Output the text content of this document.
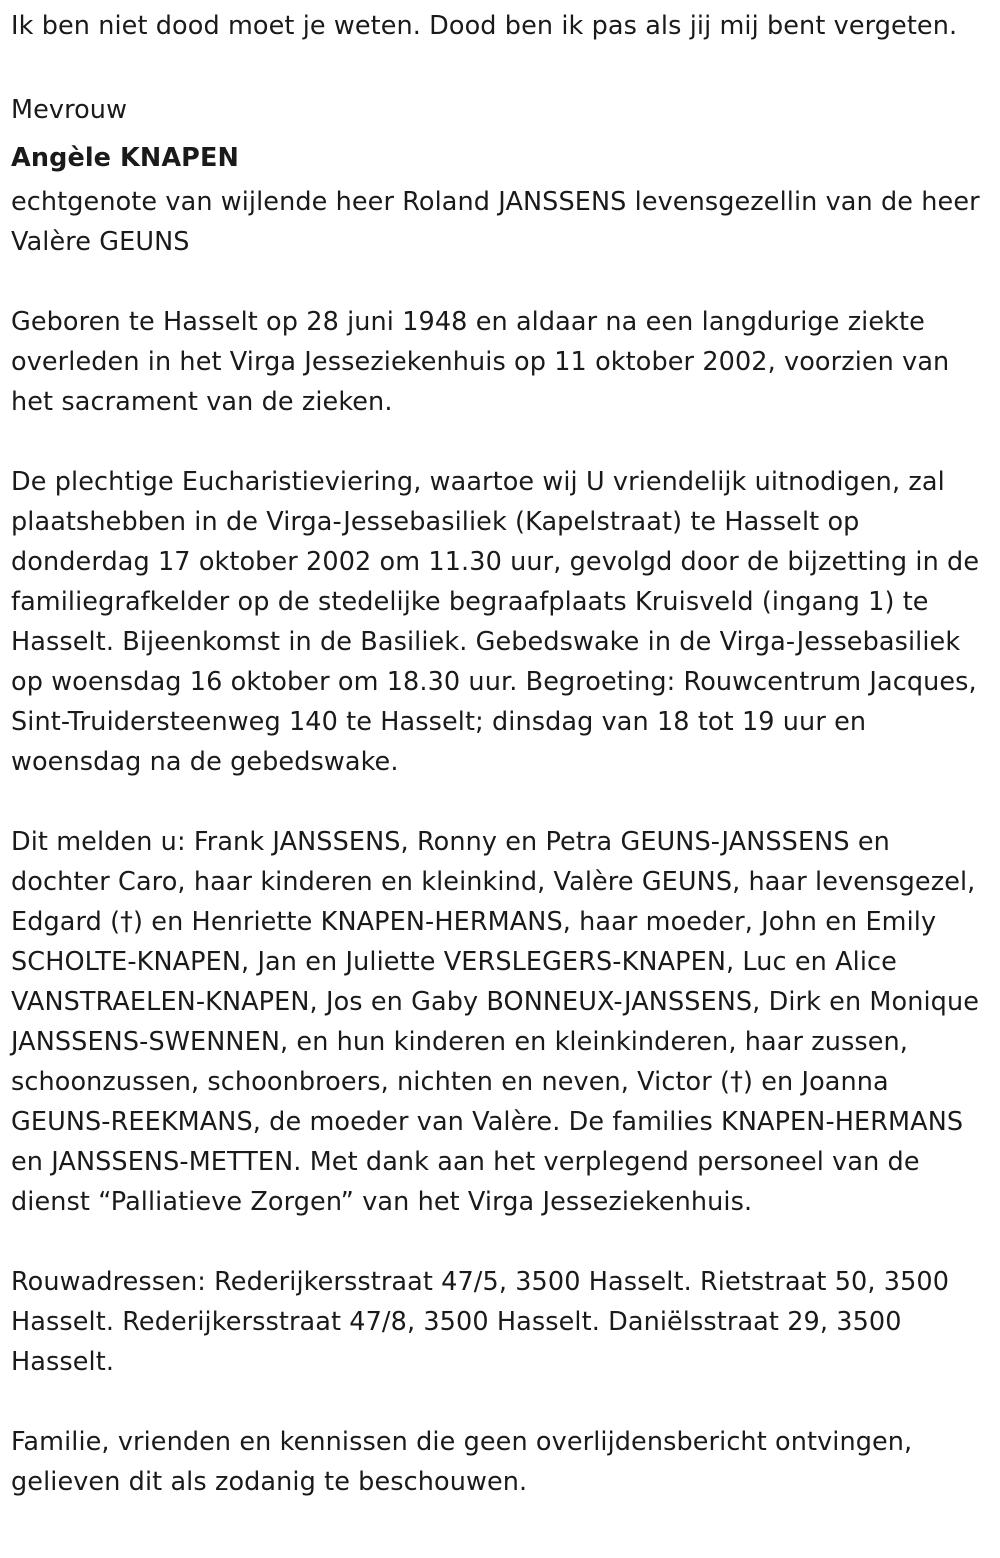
Ik ben niet dood moet je weten. Dood ben ik pas als jij mij bent vergeten.

Mevrouw

Angèle KNAPEN

echtgenote van wijlende heer Roland JANSSENS levensgezellin van de heer Valère GEUNS

Geboren te Hasselt op 28 juni 1948 en aldaar na een langdurige ziekte overleden in het Virga Jesseziekenhuis op 11 oktober 2002, voorzien van het sacrament van de zieken.

De plechtige Eucharistieviering, waartoe wij U vriendelijk uitnodigen, zal plaatshebben in de Virga-Jessebasiliek (Kapelstraat) te Hasselt op donderdag 17 oktober 2002 om 11.30 uur, gevolgd door de bijzetting in de familiegrafkelder op de stedelijke begraafplaats Kruisveld (ingang 1) te Hasselt. Bijeenkomst in de Basiliek. Gebedswake in de Virga-Jessebasiliek op woensdag 16 oktober om 18.30 uur. Begroeting: Rouwcentrum Jacques, Sint-Truidersteenweg 140 te Hasselt; dinsdag van 18 tot 19 uur en woensdag na de gebedswake.

Dit melden u: Frank JANSSENS, Ronny en Petra GEUNS-JANSSENS en dochter Caro, haar kinderen en kleinkind, Valère GEUNS, haar levensgezel, Edgard (†) en Henriette KNAPEN-HERMANS, haar moeder, John en Emily SCHOLTE-KNAPEN, Jan en Juliette VERSLEGERS-KNAPEN, Luc en Alice VANSTRAELEN-KNAPEN, Jos en Gaby BONNEUX-JANSSENS, Dirk en Monique JANSSENS-SWENNEN, en hun kinderen en kleinkinderen, haar zussen, schoonzussen, schoonbroers, nichten en neven, Victor (†) en Joanna GEUNS-REEKMANS, de moeder van Valère. De families KNAPEN-HERMANS en JANSSENS-METTEN. Met dank aan het verplegend personeel van de dienst “Palliatieve Zorgen” van het Virga Jesseziekenhuis.

Rouwadressen: Rederijkersstraat 47/5, 3500 Hasselt. Rietstraat 50, 3500 Hasselt. Rederijkersstraat 47/8, 3500 Hasselt. Daniëlsstraat 29, 3500 Hasselt.

Familie, vrienden en kennissen die geen overlijdensbericht ontvingen, gelieven dit als zodanig te beschouwen.
